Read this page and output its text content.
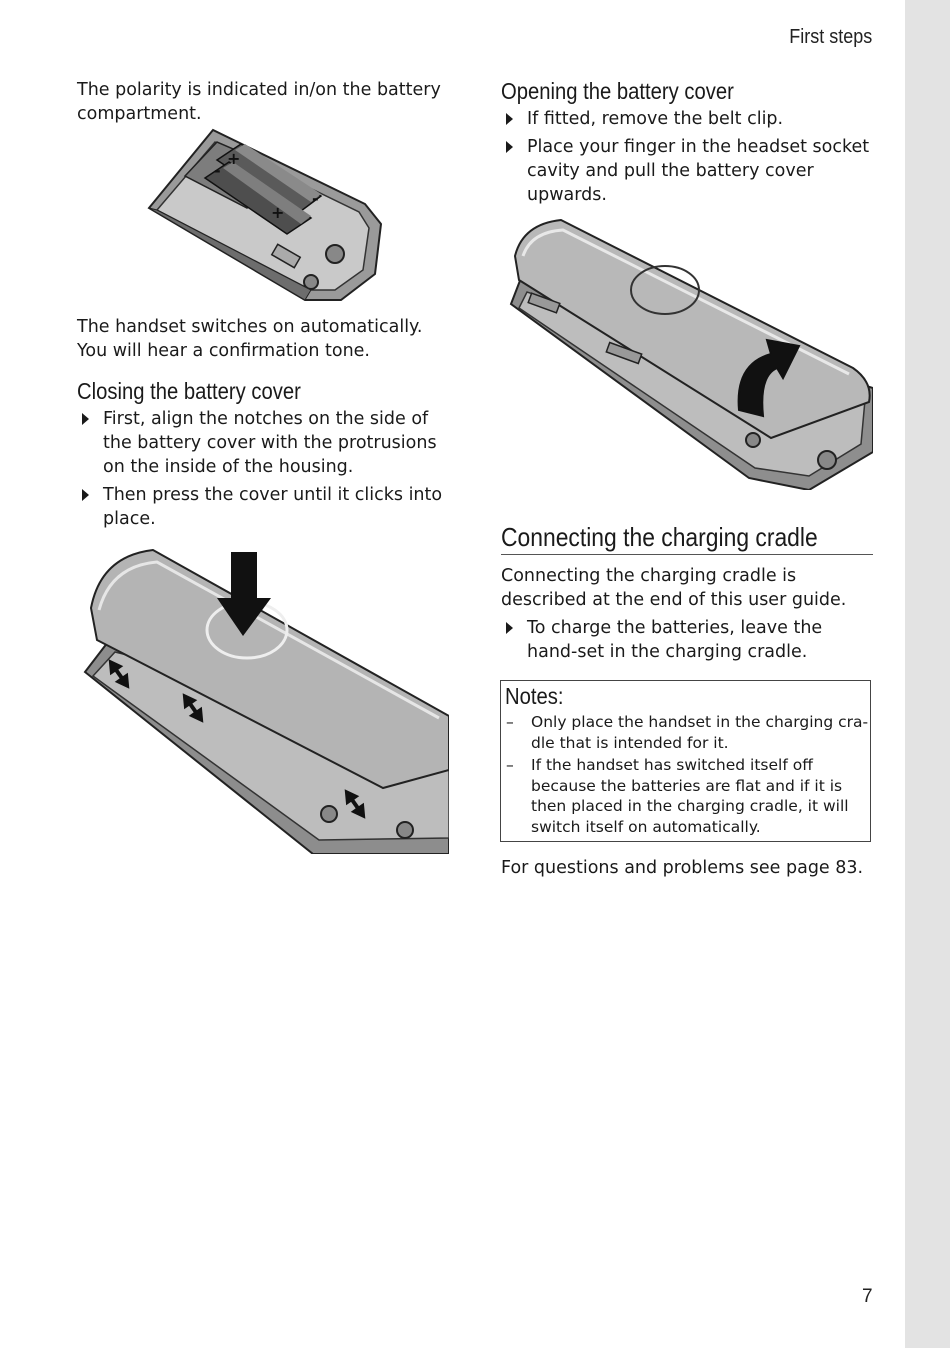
First steps

The polarity is indicated in/on the battery compartment.

+
-
-
+

The handset switches on automatically. You will hear a confirmation tone.

Closing the battery cover
First, align the notches on the side of the battery cover with the protrusions on the inside of the housing.
Then press the cover until it clicks into place.
Opening the battery cover
If fitted, remove the belt clip.
Place your finger in the headset socket cavity and pull the battery cover upwards.
Connecting the charging cradle

Connecting the charging cradle is described at the end of this user guide.

To charge the batteries, leave the hand-set in the charging cradle.

For questions and problems see page 83.

Notes:
– Only place the handset in the charging cra-dle that is intended for it.
– If the handset has switched itself off because the batteries are flat and if it is then placed in the charging cradle, it will switch itself on automatically.
7
